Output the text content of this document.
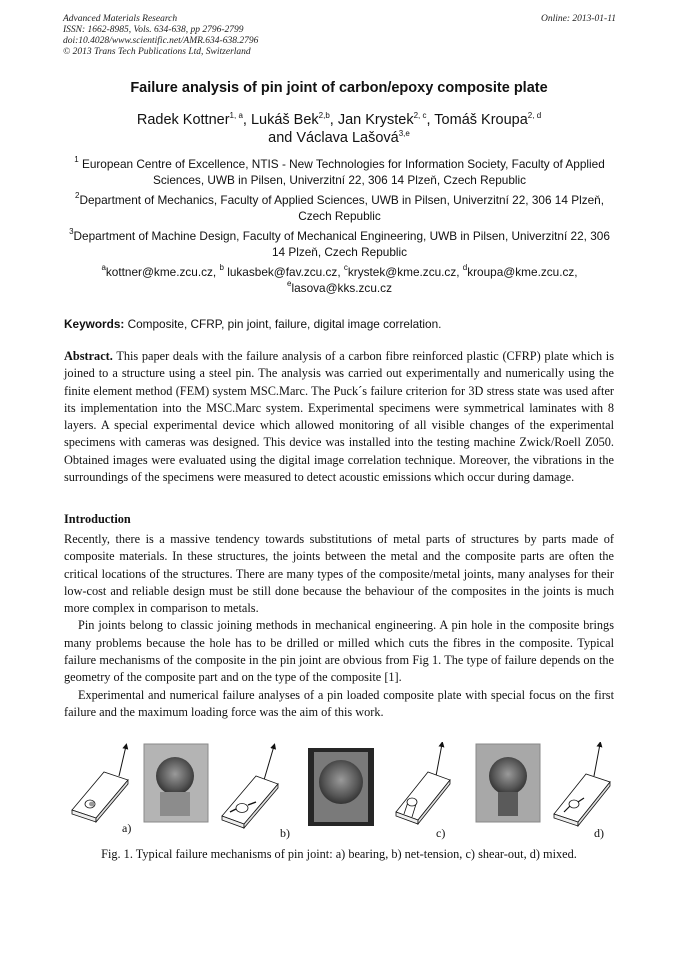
Advanced Materials Research
ISSN: 1662-8985, Vols. 634-638, pp 2796-2799
doi:10.4028/www.scientific.net/AMR.634-638.2796
© 2013 Trans Tech Publications Ltd, Switzerland
Online: 2013-01-11
Failure analysis of pin joint of carbon/epoxy composite plate
Radek Kottner$^{1, a}$, Lukáš Bek$^{2,b}$, Jan Krystek$^{2, c}$, Tomáš Kroupa$^{2, d}$
and Václava Lašová$^{3,e}$
$^1$ European Centre of Excellence, NTIS - New Technologies for Information Society, Faculty of Applied Sciences, UWB in Pilsen, Univerzitní 22, 306 14 Plzeň, Czech Republic
$^2$Department of Mechanics, Faculty of Applied Sciences, UWB in Pilsen, Univerzitní 22, 306 14 Plzeň, Czech Republic
$^3$Department of Machine Design, Faculty of Mechanical Engineering, UWB in Pilsen, Univerzitní 22, 306 14 Plzeň, Czech Republic
$^a$kottner@kme.zcu.cz, $^b$ lukasbek@fav.zcu.cz, $^c$krystek@kme.zcu.cz, $^d$kroupa@kme.zcu.cz,
$^e$lasova@kks.zcu.cz
Keywords: Composite, CFRP, pin joint, failure, digital image correlation.
Abstract. This paper deals with the failure analysis of a carbon fibre reinforced plastic (CFRP) plate which is joined to a structure using a steel pin. The analysis was carried out experimentally and numerically using the finite element method (FEM) system MSC.Marc. The Puck´s failure criterion for 3D stress state was used after its implementation into the MSC.Marc system. Experimental specimens were symmetrical laminates with 8 layers. A special experimental device which allowed monitoring of all visible changes of the experimental specimens with cameras was designed. This device was installed into the testing machine Zwick/Roell Z050. Obtained images were evaluated using the digital image correlation technique. Moreover, the vibrations in the surroundings of the specimens were measured to detect acoustic emissions which occur during damage.
Introduction
Recently, there is a massive tendency towards substitutions of metal parts of structures by parts made of composite materials. In these structures, the joints between the metal and the composite parts are often the critical locations of the structures. There are many types of the composite/metal joints, many analyses for their low-cost and reliable design must be still done because the behaviour of the composites in the joints is much more complex in comparison to metals.
Pin joints belong to classic joining methods in mechanical engineering. A pin hole in the composite brings many problems because the hole has to be drilled or milled which cuts the fibres in the composite. Typical failure mechanisms of the composite in the pin joint are obvious from Fig 1. The type of failure depends on the geometry of the composite part and on the type of the composite [1].
Experimental and numerical failure analyses of a pin loaded composite plate with special focus on the first failure and the maximum loading force was the aim of this work.
a)	b)	c)	d)
Fig. 1. Typical failure mechanisms of pin joint: a) bearing, b) net-tension, c) shear-out, d) mixed.
